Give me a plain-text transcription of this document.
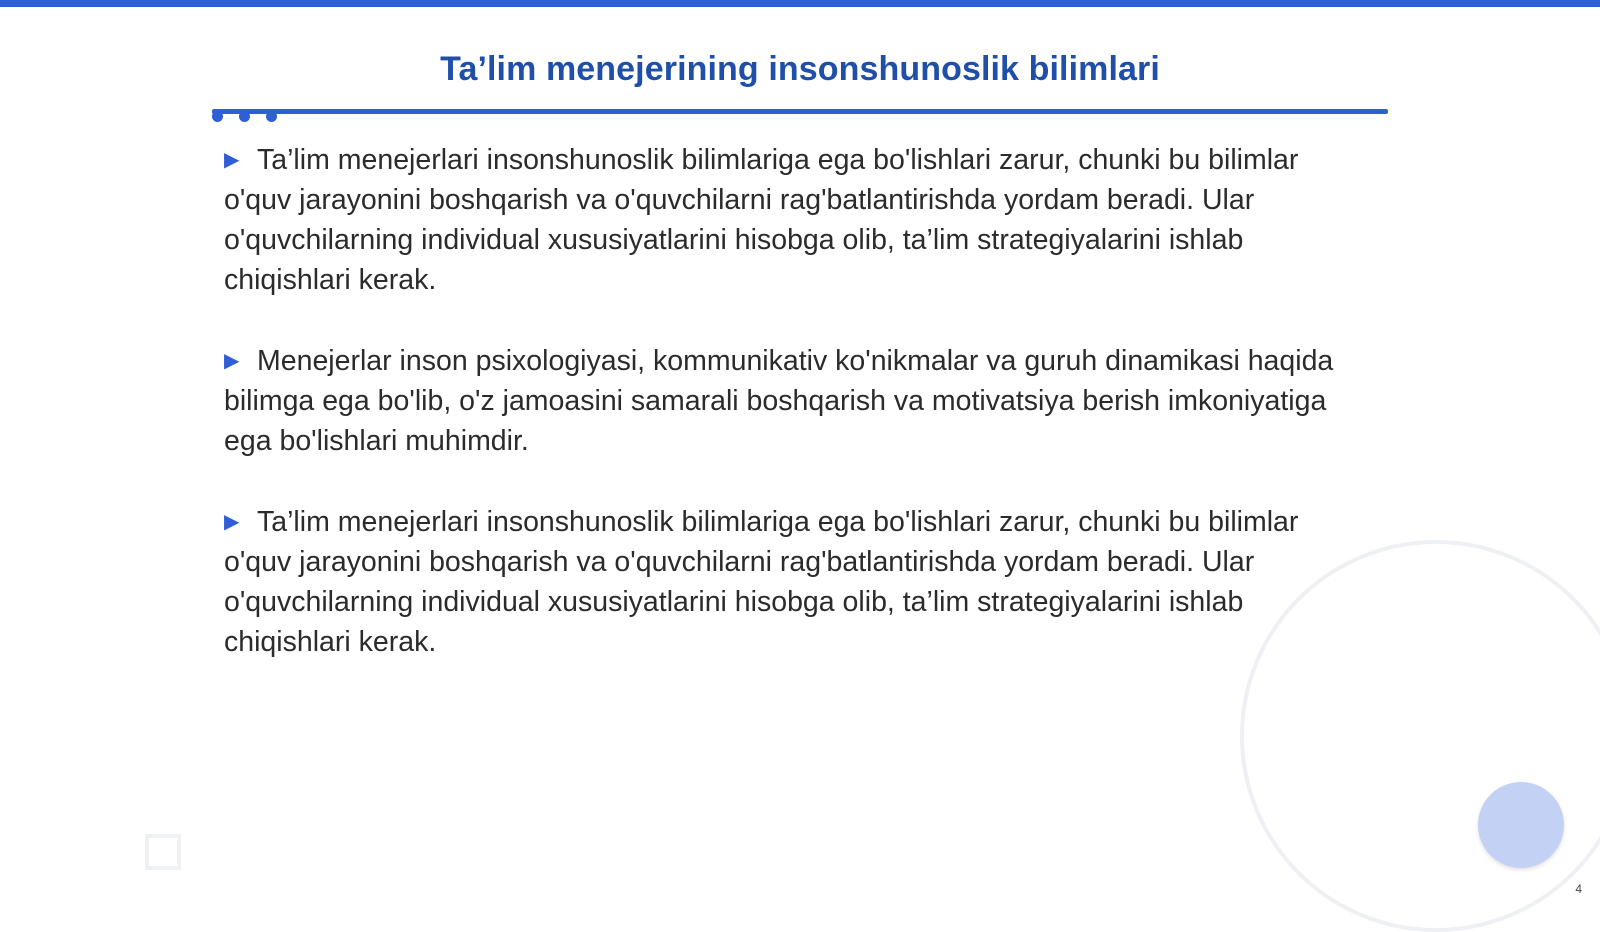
Ta’lim menejerining insonshunoslik bilimlari

▶ Ta’lim menejerlari insonshunoslik bilimlariga ega bo'lishlari zarur, chunki bu bilimlar o'quv jarayonini boshqarish va o'quvchilarni rag'batlantirishda yordam beradi. Ular o'quvchilarning individual xususiyatlarini hisobga olib, ta’lim strategiyalarini ishlab chiqishlari kerak.

▶ Menejerlar inson psixologiyasi, kommunikativ ko'nikmalar va guruh dinamikasi haqida bilimga ega bo'lib, o'z jamoasini samarali boshqarish va motivatsiya berish imkoniyatiga ega bo'lishlari muhimdir.

▶ Ta’lim menejerlari insonshunoslik bilimlariga ega bo'lishlari zarur, chunki bu bilimlar o'quv jarayonini boshqarish va o'quvchilarni rag'batlantirishda yordam beradi. Ular o'quvchilarning individual xususiyatlarini hisobga olib, ta’lim strategiyalarini ishlab chiqishlari kerak.

4
